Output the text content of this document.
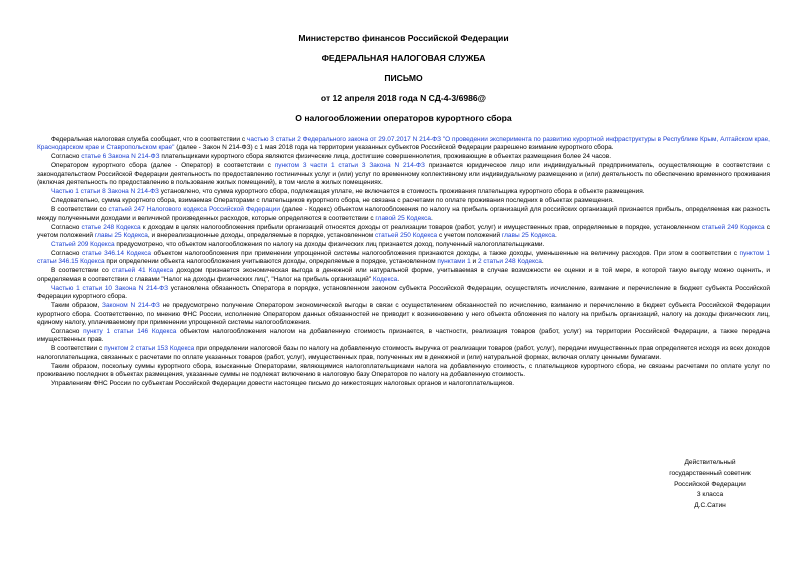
Министерство финансов Российской Федерации
ФЕДЕРАЛЬНАЯ НАЛОГОВАЯ СЛУЖБА
ПИСЬМО
от 12 апреля 2018 года N СД-4-3/6986@
О налогообложении операторов курортного сбора

Федеральная налоговая служба сообщает, что в соответствии с частью 3 статьи 2 Федерального закона от 29.07.2017 N 214-ФЗ "О проведении эксперимента по развитию курортной инфраструктуры в Республике Крым, Алтайском крае, Краснодарском крае и Ставропольском крае" (далее - Закон N 214-ФЗ) с 1 мая 2018 года на территории указанных субъектов Российской Федерации разрешено взимание курортного сбора.

Согласно статье 6 Закона N 214-ФЗ плательщиками курортного сбора являются физические лица, достигшие совершеннолетия, проживающие в объектах размещения более 24 часов.

Оператором курортного сбора (далее - Оператор) в соответствии с пунктом 3 части 1 статьи 3 Закона N 214-ФЗ признается юридическое лицо или индивидуальный предприниматель, осуществляющие в соответствии с законодательством Российской Федерации деятельность по предоставлению гостиничных услуг и (или) услуг по временному коллективному или индивидуальному размещению и (или) деятельность по обеспечению временного проживания (включая деятельность по предоставлению в пользование жилых помещений), в том числе в жилых помещениях.

Частью 1 статьи 8 Закона N 214-ФЗ установлено, что сумма курортного сбора, подлежащая уплате, не включается в стоимость проживания плательщика курортного сбора в объекте размещения.

Следовательно, сумма курортного сбора, взимаемая Операторами с плательщиков курортного сбора, не связана с расчетами по оплате проживания последних в объектах размещения.

В соответствии со статьей 247 Налогового кодекса Российской Федерации (далее - Кодекс) объектом налогообложения по налогу на прибыль организаций для российских организаций признается прибыль, определяемая как разность между полученными доходами и величиной произведенных расходов, которые определяются в соответствии с главой 25 Кодекса.

Согласно статье 248 Кодекса к доходам в целях налогообложения прибыли организаций относятся доходы от реализации товаров (работ, услуг) и имущественных прав, определяемые в порядке, установленном статьей 249 Кодекса с учетом положений главы 25 Кодекса, и внереализационные доходы, определяемые в порядке, установленном статьей 250 Кодекса с учетом положений главы 25 Кодекса.

Статьей 209 Кодекса предусмотрено, что объектом налогообложения по налогу на доходы физических лиц признается доход, полученный налогоплательщиками.

Согласно статье 346.14 Кодекса объектом налогообложения при применении упрощенной системы налогообложения признаются доходы, а также доходы, уменьшенные на величину расходов. При этом в соответствии с пунктом 1 статьи 346.15 Кодекса при определении объекта налогообложения учитываются доходы, определяемые в порядке, установленном пунктами 1 и 2 статьи 248 Кодекса.

В соответствии со статьей 41 Кодекса доходом признается экономическая выгода в денежной или натуральной форме, учитываемая в случае возможности ее оценки и в той мере, в которой такую выгоду можно оценить, и определяемая в соответствии с главами "Налог на доходы физических лиц", "Налог на прибыль организаций" Кодекса.

Частью 1 статьи 10 Закона N 214-ФЗ установлена обязанность Оператора в порядке, установленном законом субъекта Российской Федерации, осуществлять исчисление, взимание и перечисление в бюджет субъекта Российской Федерации курортного сбора.

Таким образом, Законом N 214-ФЗ не предусмотрено получение Оператором экономической выгоды в связи с осуществлением обязанностей по исчислению, взиманию и перечислению в бюджет субъекта Российской Федерации курортного сбора. Соответственно, по мнению ФНС России, исполнение Оператором данных обязанностей не приводит к возникновению у него объекта обложения по налогу на прибыль организаций, налогу на доходы физических лиц, единому налогу, уплачиваемому при применении упрощенной системы налогообложения.

Согласно пункту 1 статьи 146 Кодекса объектом налогообложения налогом на добавленную стоимость признается, в частности, реализация товаров (работ, услуг) на территории Российской Федерации, а также передача имущественных прав.

В соответствии с пунктом 2 статьи 153 Кодекса при определении налоговой базы по налогу на добавленную стоимость выручка от реализации товаров (работ, услуг), передачи имущественных прав определяется исходя из всех доходов налогоплательщика, связанных с расчетами по оплате указанных товаров (работ, услуг), имущественных прав, полученных им в денежной и (или) натуральной формах, включая оплату ценными бумагами.

Таким образом, поскольку суммы курортного сбора, взысканные Операторами, являющимися налогоплательщиками налога на добавленную стоимость, с плательщиков курортного сбора, не связаны расчетами по оплате услуг по проживанию последних в объектах размещения, указанные суммы не подлежат включению в налоговую базу Операторов по налогу на добавленную стоимость.

Управлениям ФНС России по субъектам Российской Федерации довести настоящее письмо до нижестоящих налоговых органов и налогоплательщиков.

Действительный
государственный советник
Российской Федерации
3 класса
Д.С.Сатин
